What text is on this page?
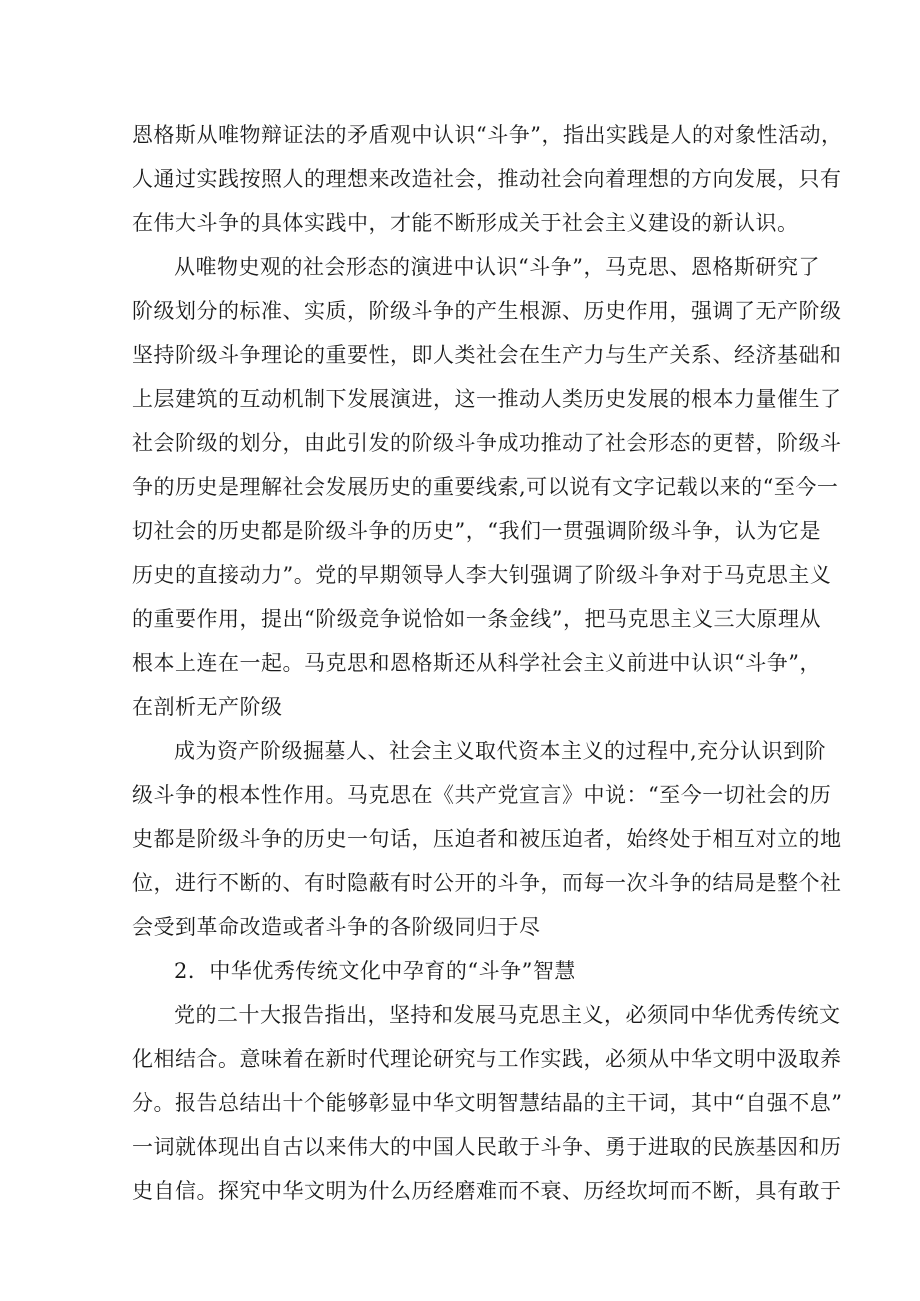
恩格斯从唯物辩证法的矛盾观中认识“斗争”，指出实践是人的对象性活动，
人通过实践按照人的理想来改造社会，推动社会向着理想的方向发展，只有
在伟大斗争的具体实践中，才能不断形成关于社会主义建设的新认识。
从唯物史观的社会形态的演进中认识“斗争”，马克思、恩格斯研究了
阶级划分的标准、实质，阶级斗争的产生根源、历史作用，强调了无产阶级
坚持阶级斗争理论的重要性，即人类社会在生产力与生产关系、经济基础和
上层建筑的互动机制下发展演进，这一推动人类历史发展的根本力量催生了
社会阶级的划分，由此引发的阶级斗争成功推动了社会形态的更替，阶级斗
争的历史是理解社会发展历史的重要线索,可以说有文字记载以来的“至今一
切社会的历史都是阶级斗争的历史”，“我们一贯强调阶级斗争，认为它是
历史的直接动力”。党的早期领导人李大钊强调了阶级斗争对于马克思主义
的重要作用，提出“阶级竞争说恰如一条金线”，把马克思主义三大原理从
根本上连在一起。马克思和恩格斯还从科学社会主义前进中认识“斗争”，
在剖析无产阶级
成为资产阶级掘墓人、社会主义取代资本主义的过程中,充分认识到阶
级斗争的根本性作用。马克思在《共产党宣言》中说：“至今一切社会的历
史都是阶级斗争的历史一句话，压迫者和被压迫者，始终处于相互对立的地
位，进行不断的、有时隐蔽有时公开的斗争，而每一次斗争的结局是整个社
会受到革命改造或者斗争的各阶级同归于尽
2．中华优秀传统文化中孕育的“斗争”智慧
党的二十大报告指出，坚持和发展马克思主义，必须同中华优秀传统文
化相结合。意味着在新时代理论研究与工作实践，必须从中华文明中汲取养
分。报告总结出十个能够彰显中华文明智慧结晶的主干词，其中“自强不息”
一词就体现出自古以来伟大的中国人民敢于斗争、勇于进取的民族基因和历
史自信。探究中华文明为什么历经磨难而不衰、历经坎坷而不断，具有敢于
